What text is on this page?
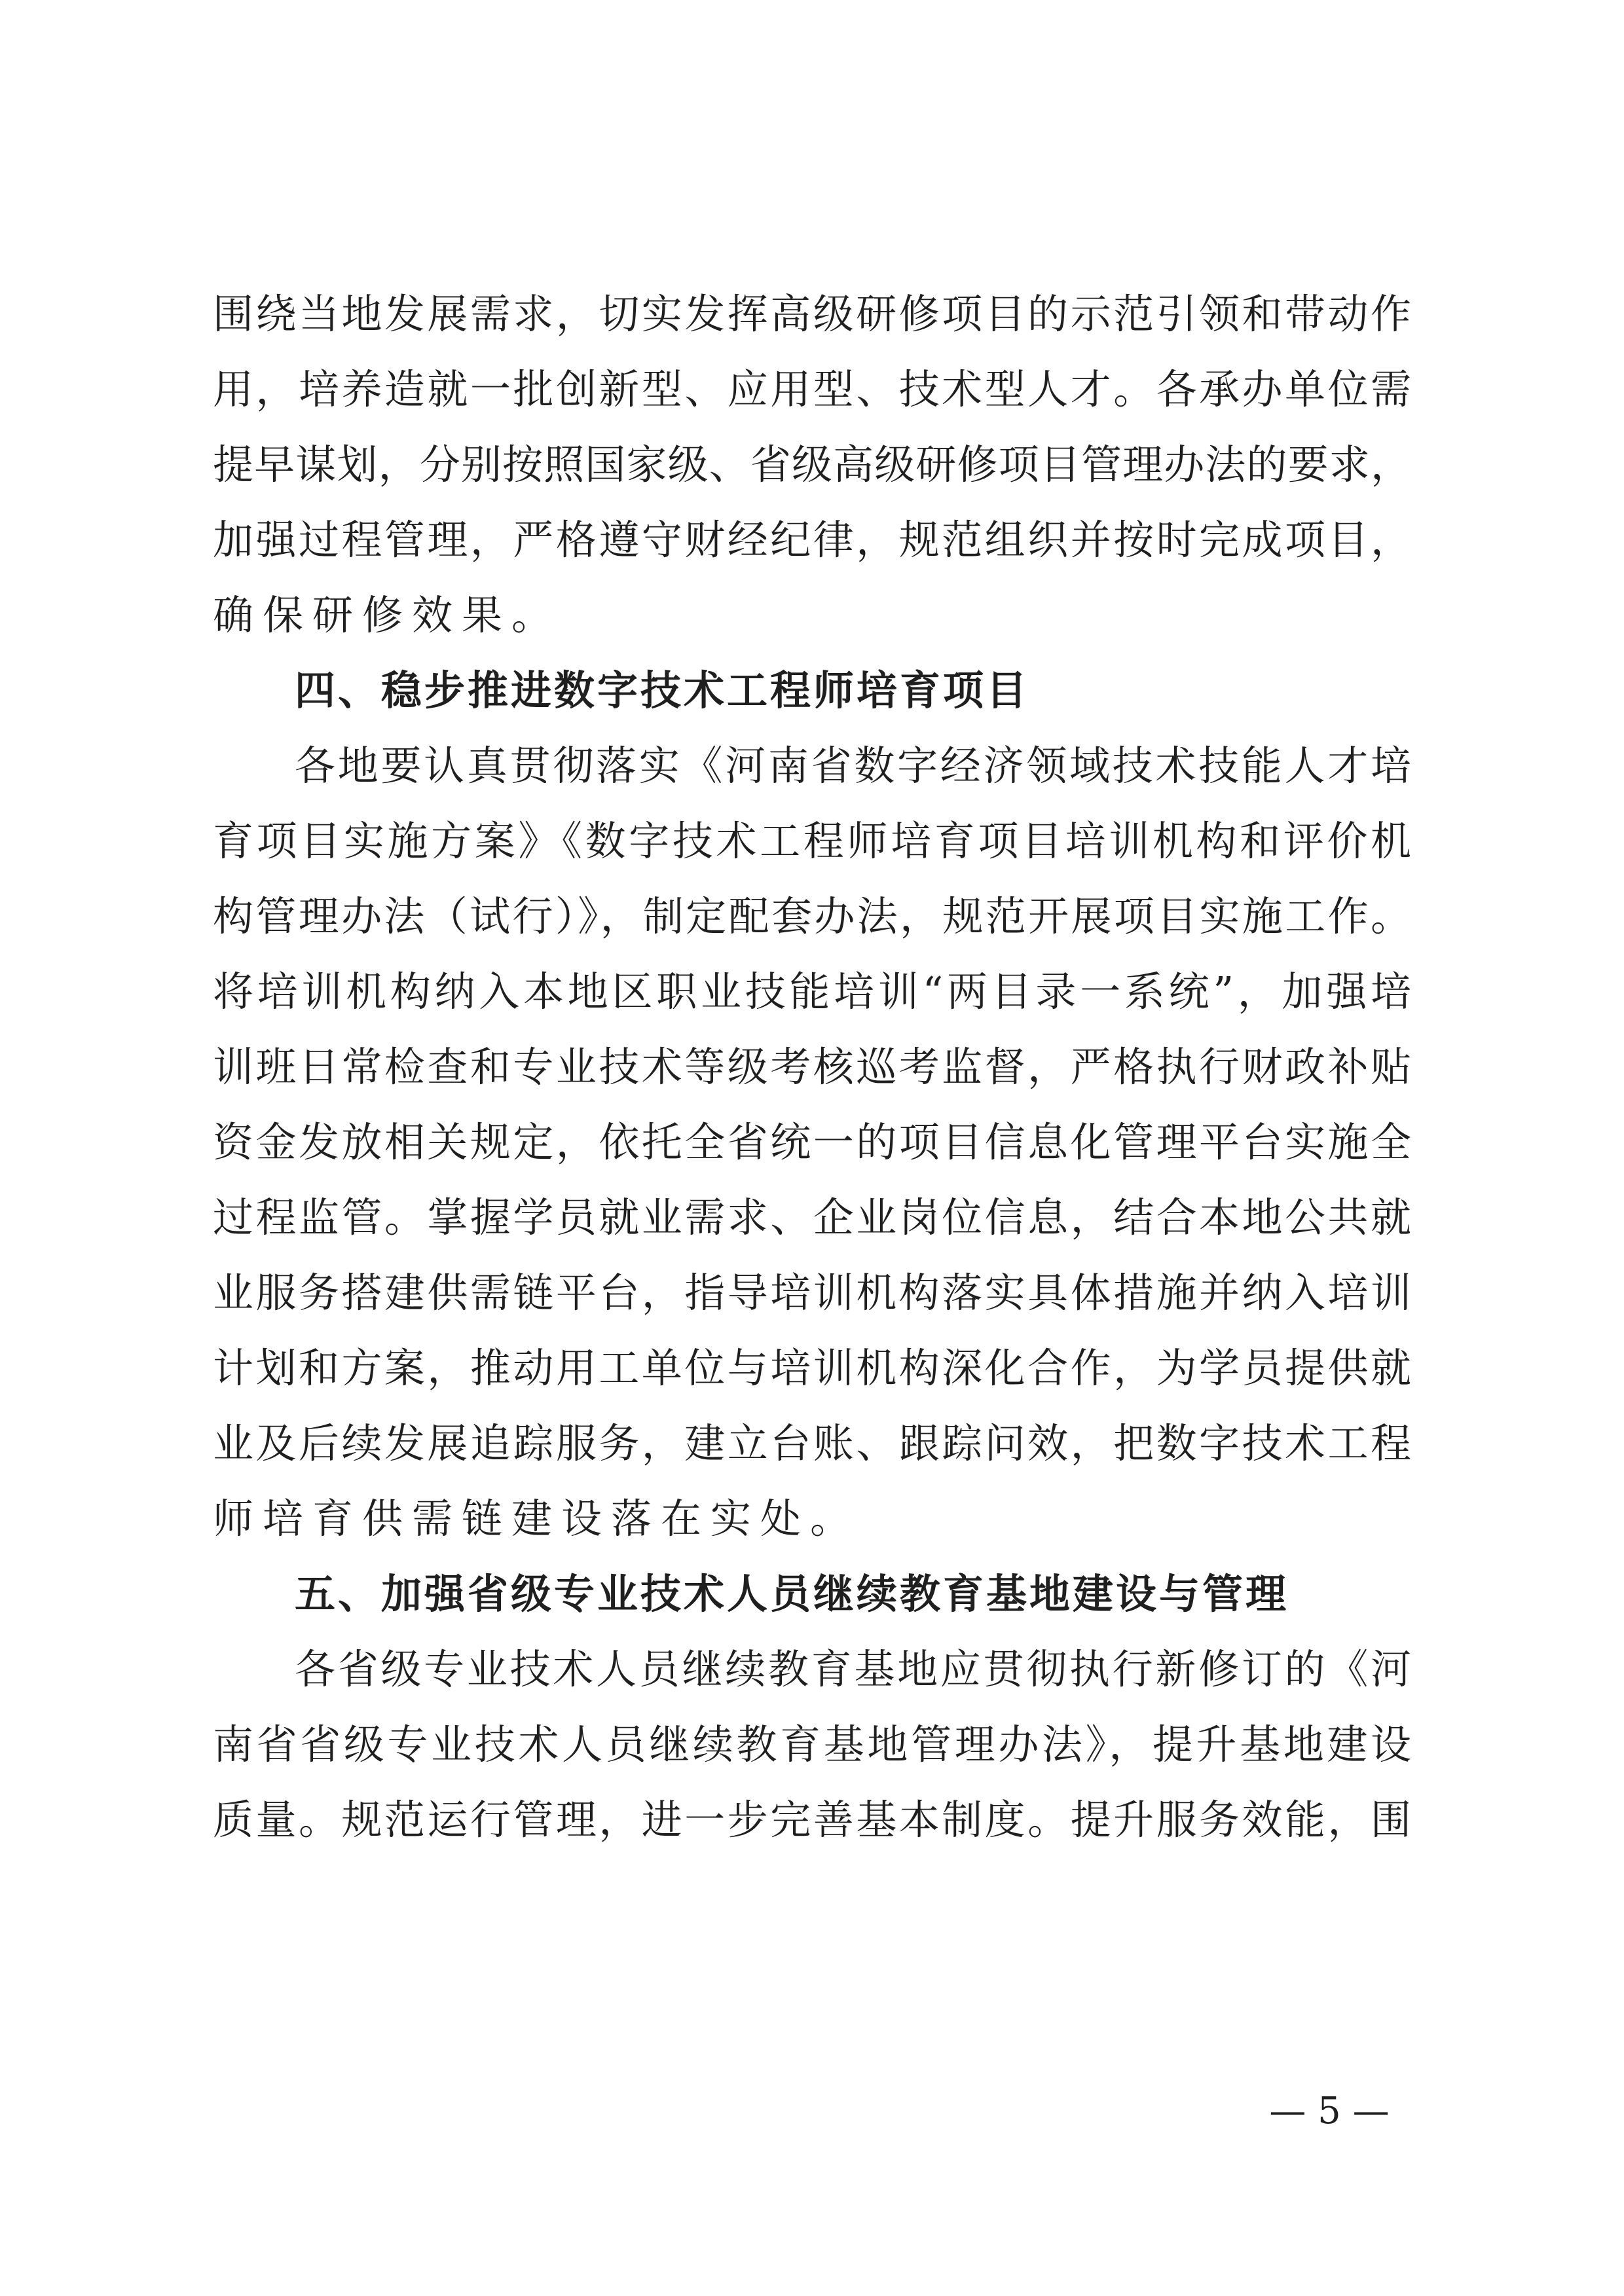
围绕当地发展需求，切实发挥高级研修项目的示范引领和带动作
用，培养造就一批创新型、应用型、技术型人才。各承办单位需
提早谋划，分别按照国家级、省级高级研修项目管理办法的要求，
加强过程管理，严格遵守财经纪律，规范组织并按时完成项目，
确保研修效果。
四、稳步推进数字技术工程师培育项目
各地要认真贯彻落实《河南省数字经济领域技术技能人才培
育项目实施方案》《数字技术工程师培育项目培训机构和评价机
构管理办法（试行）》，制定配套办法，规范开展项目实施工作。
将培训机构纳入本地区职业技能培训“两目录一系统”，加强培
训班日常检查和专业技术等级考核巡考监督，严格执行财政补贴
资金发放相关规定，依托全省统一的项目信息化管理平台实施全
过程监管。掌握学员就业需求、企业岗位信息，结合本地公共就
业服务搭建供需链平台，指导培训机构落实具体措施并纳入培训
计划和方案，推动用工单位与培训机构深化合作，为学员提供就
业及后续发展追踪服务，建立台账、跟踪问效，把数字技术工程
师培育供需链建设落在实处。
五、加强省级专业技术人员继续教育基地建设与管理
各省级专业技术人员继续教育基地应贯彻执行新修订的《河
南省省级专业技术人员继续教育基地管理办法》，提升基地建设
质量。规范运行管理，进一步完善基本制度。提升服务效能，围
— 5 —
